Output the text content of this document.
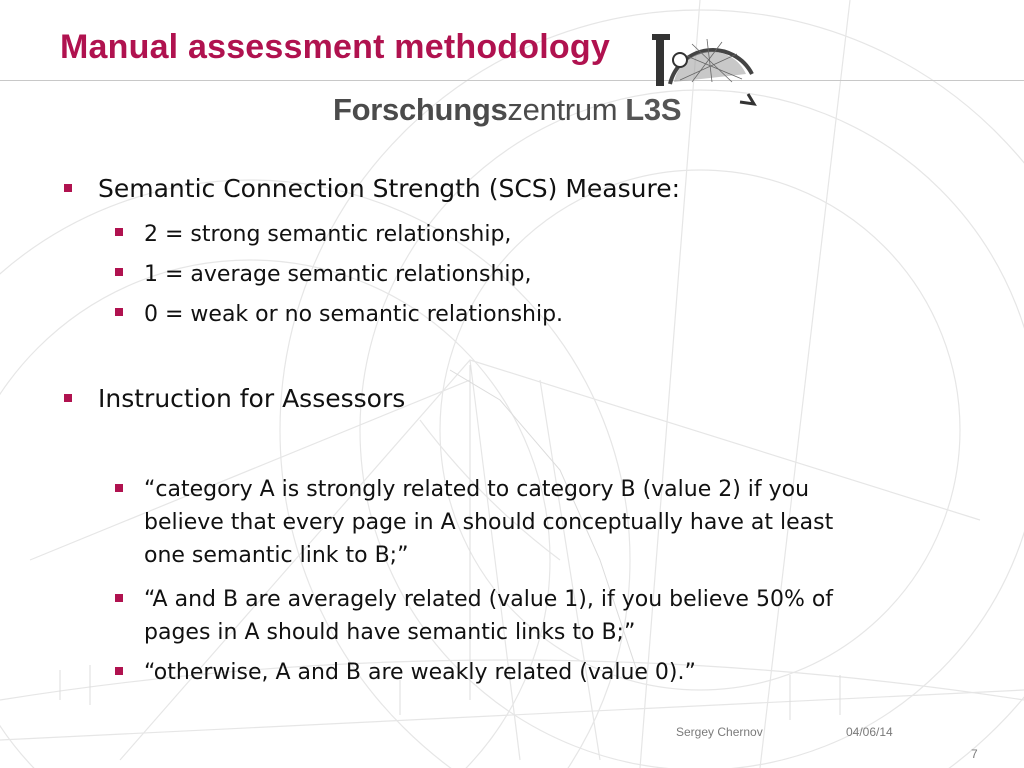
Manual assessment methodology
Forschungszentrum L3S
Semantic Connection Strength (SCS) Measure:
2 = strong semantic relationship,
1 = average semantic relationship,
0 = weak or no semantic relationship.
Instruction for Assessors
“category A is strongly related to category B (value 2) if you
believe that every page in A should conceptually have at least
one semantic link to B;”
“A and B are averagely related (value 1), if you believe 50% of
pages in A should have semantic links to B;”
“otherwise, A and B are weakly related (value 0).”
Sergey Chernov	04/06/14
7
